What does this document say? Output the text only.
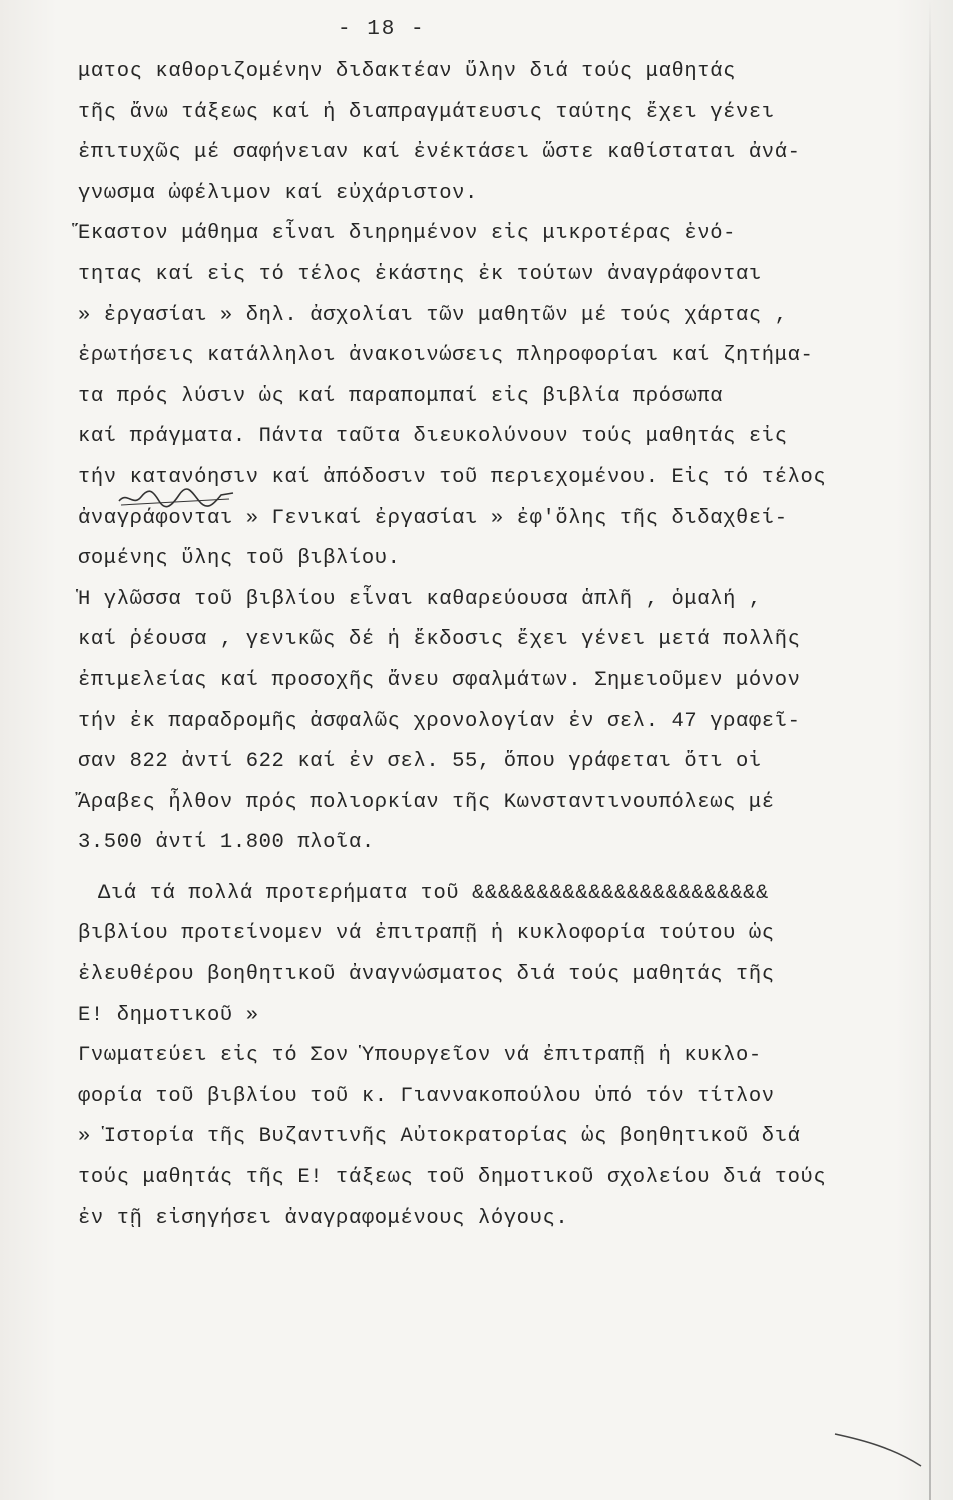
- 18 -
ματος καθοριζομένην διδακτέαν ὕλην διά τούς μαθητάς
τῆς ἄνω τάξεως καί ἡ διαπραγμάτευσις ταύτης ἔχει γένει
ἐπιτυχῶς μέ σαφήνειαν καί ἐνέκτάσει ὥστε καθίσταται ἀνά-
γνωσμα ὠφέλιμον καί εὐχάριστον.
Ἕκαστον μάθημα εἶναι διηρημένον εἰς μικροτέρας ἑνό-
τητας καί εἰς τό τέλος ἑκάστης ἐκ τούτων ἀναγράφονται
» ἐργασίαι » δηλ. ἀσχολίαι τῶν μαθητῶν μέ τούς χάρτας ,
ἐρωτήσεις κατάλληλοι ἀνακοινώσεις πληροφορίαι καί ζητήμα-
τα πρός λύσιν ὡς καί παραπομπαί εἰς βιβλία πρόσωπα
καί πράγματα. Πάντα ταῦτα διευκολύνουν τούς μαθητάς εἰς
τήν κατανόησιν καί ἀπόδοσιν τοῦ περιεχομένου. Εἰς τό τέλος
ἀναγράφονται » Γενικαί ἐργασίαι » ἐφ'ὅλης τῆς διδαχθεί-
σομένης ὕλης τοῦ βιβλίου.
Ἡ γλῶσσα τοῦ βιβλίου εἶναι καθαρεύουσα ἁπλῆ , ὁμαλή ,
καί ῥέουσα , γενικῶς δέ ἡ ἔκδοσις ἔχει γένει μετά πολλῆς
ἐπιμελείας καί προσοχῆς ἄνευ σφαλμάτων. Σημειοῦμεν μόνον
τήν ἐκ παραδρομῆς ἀσφαλῶς χρονολογίαν ἐν σελ. 47 γραφεῖ-
σαν 822 ἀντί 622 καί ἐν σελ. 55, ὅπου γράφεται ὅτι οἱ
Ἄραβες ἦλθον πρός πολιορκίαν τῆς Κωνσταντινουπόλεως μέ
3.500 ἀντί 1.800 πλοῖα.
Διά τά πολλά προτερήματα τοῦ &&&&&&&&&&&&&&&&&&&&&&&
βιβλίου προτείνομεν νά ἐπιτραπῇ ἡ κυκλοφορία τούτου ὡς
ἐλευθέρου βοηθητικοῦ ἀναγνώσματος διά τούς μαθητάς τῆς
Ε! δημοτικοῦ »
Γνωματεύει εἰς τό Σον Ὑπουργεῖον νά ἐπιτραπῇ ἡ κυκλο-
φορία τοῦ βιβλίου τοῦ κ. Γιαννακοπούλου ὑπό τόν τίτλον
» Ἱστορία τῆς Βυζαντινῆς Αὐτοκρατορίας ὡς βοηθητικοῦ διά
τούς μαθητάς τῆς Ε! τάξεως τοῦ δημοτικοῦ σχολείου διά τούς
ἐν τῇ εἰσηγήσει ἀναγραφομένους λόγους.
